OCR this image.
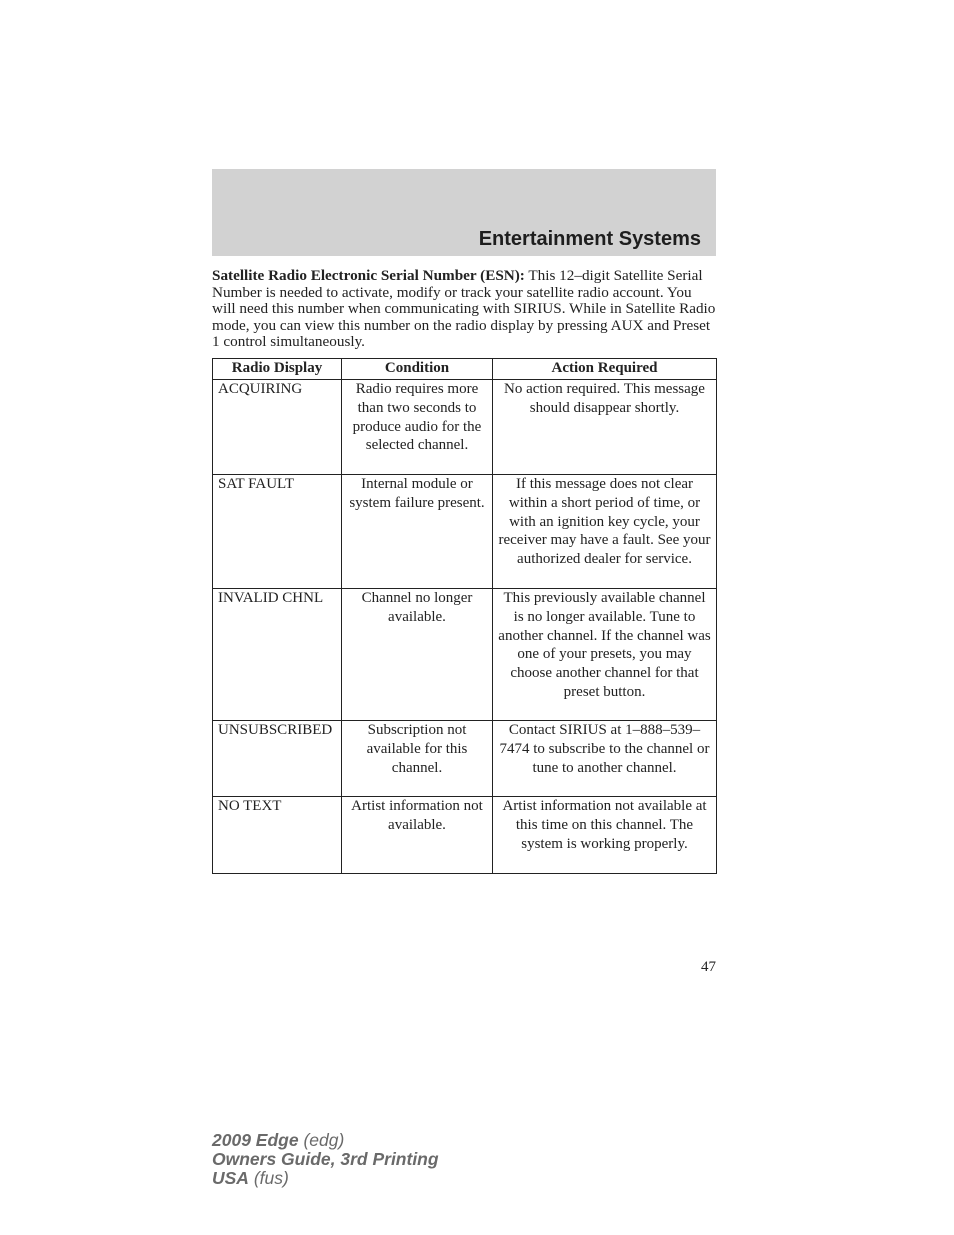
Entertainment Systems

Satellite Radio Electronic Serial Number (ESN): This 12–digit Satellite Serial Number is needed to activate, modify or track your satellite radio account. You will need this number when communicating with SIRIUS. While in Satellite Radio mode, you can view this number on the radio display by pressing AUX and Preset 1 control simultaneously.

Radio Display	Condition	Action Required
ACQUIRING	Radio requires more than two seconds to produce audio for the selected channel.	No action required. This message should disappear shortly.
SAT FAULT	Internal module or system failure present.	If this message does not clear within a short period of time, or with an ignition key cycle, your receiver may have a fault. See your authorized dealer for service.
INVALID CHNL	Channel no longer available.	This previously available channel is no longer available. Tune to another channel. If the channel was one of your presets, you may choose another channel for that preset button.
UNSUBSCRIBED	Subscription not available for this channel.	Contact SIRIUS at 1–888–539–7474 to subscribe to the channel or tune to another channel.
NO TEXT	Artist information not available.	Artist information not available at this time on this channel. The system is working properly.
47
2009 Edge (edg)
Owners Guide, 3rd Printing
USA (fus)
